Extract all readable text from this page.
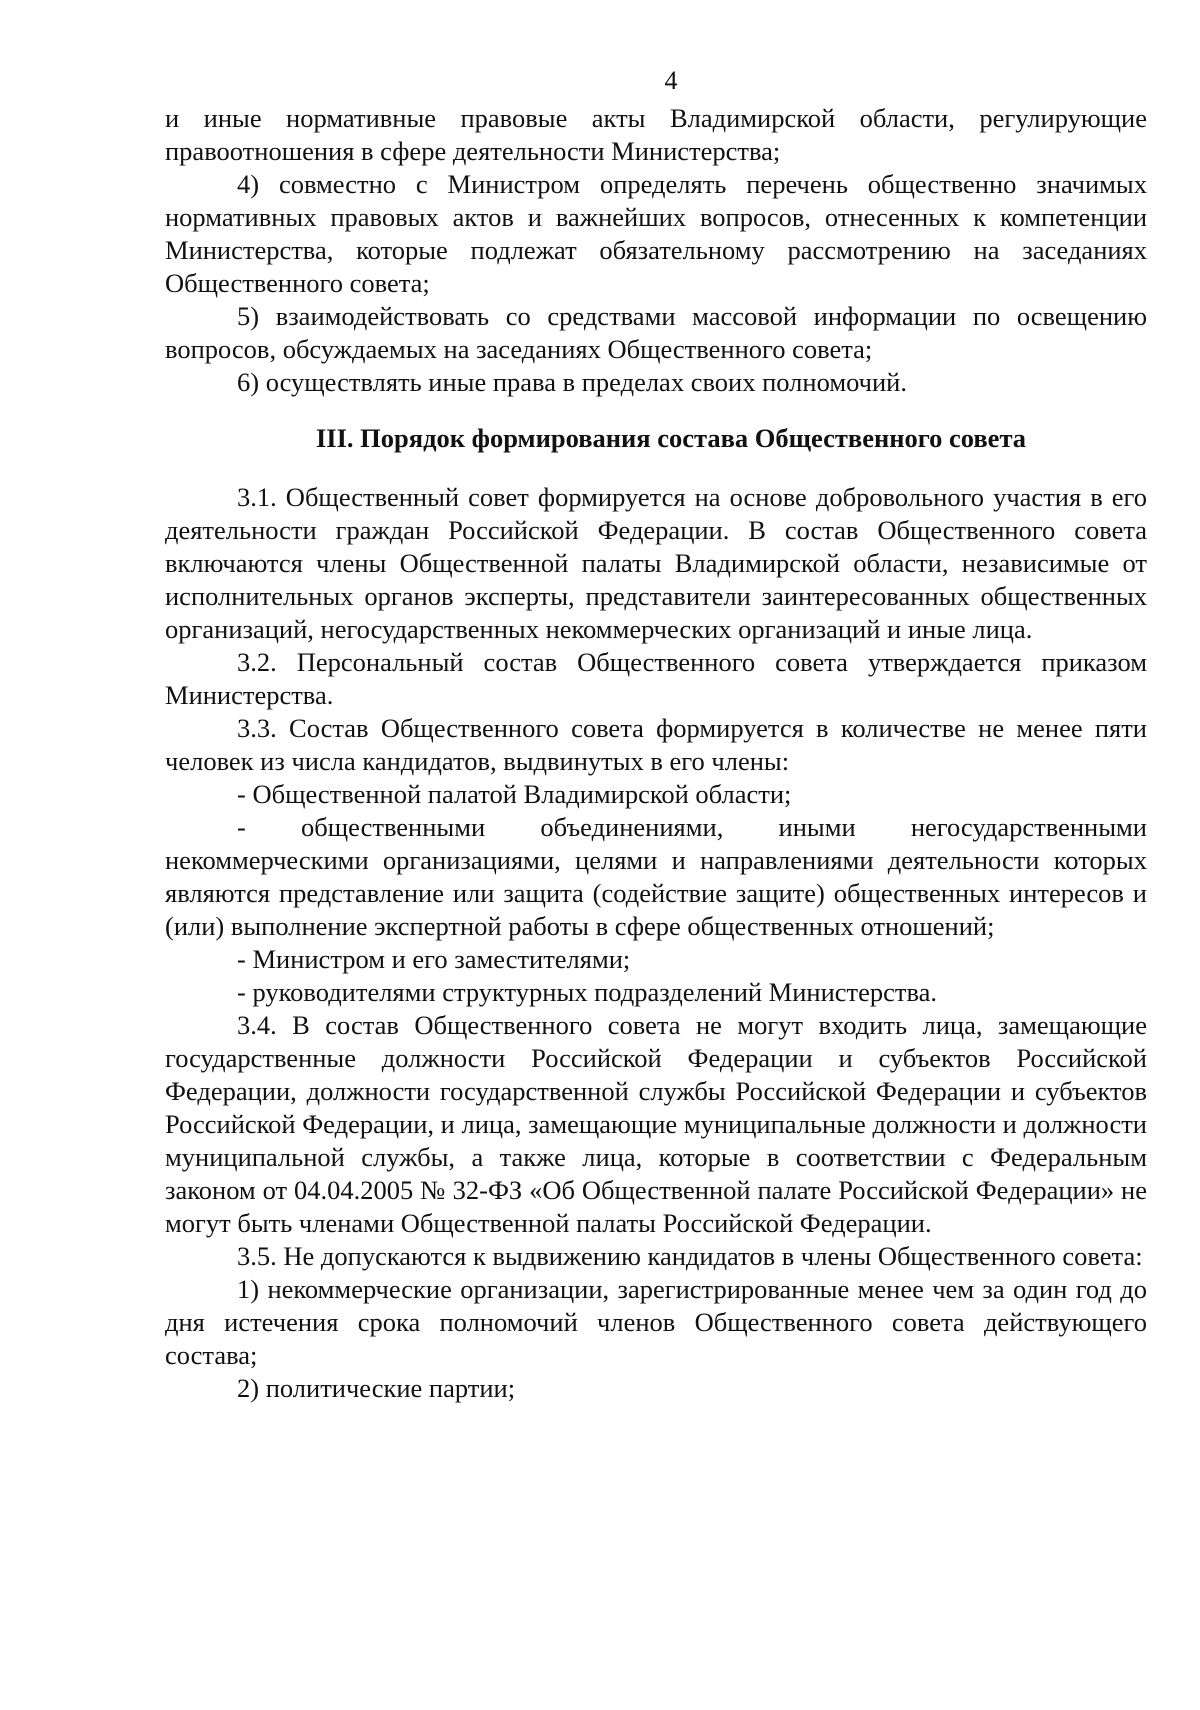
4

и иные нормативные правовые акты Владимирской области, регулирующие правоотношения в сфере деятельности Министерства;

4) совместно с Министром определять перечень общественно значимых нормативных правовых актов и важнейших вопросов, отнесенных к компетенции Министерства, которые подлежат обязательному рассмотрению на заседаниях Общественного совета;

5) взаимодействовать со средствами массовой информации по освещению вопросов, обсуждаемых на заседаниях Общественного совета;

6) осуществлять иные права в пределах своих полномочий.

III. Порядок формирования состава Общественного совета

3.1. Общественный совет формируется на основе добровольного участия в его деятельности граждан Российской Федерации. В состав Общественного совета включаются члены Общественной палаты Владимирской области, независимые от исполнительных органов эксперты, представители заинтересованных общественных организаций, негосударственных некоммерческих организаций и иные лица.

3.2. Персональный состав Общественного совета утверждается приказом Министерства.

3.3. Состав Общественного совета формируется в количестве не менее пяти человек из числа кандидатов, выдвинутых в его члены:

- Общественной палатой Владимирской области;

- общественными объединениями, иными негосударственными некоммерческими организациями, целями и направлениями деятельности которых являются представление или защита (содействие защите) общественных интересов и (или) выполнение экспертной работы в сфере общественных отношений;

- Министром и его заместителями;

- руководителями структурных подразделений Министерства.

3.4. В состав Общественного совета не могут входить лица, замещающие государственные должности Российской Федерации и субъектов Российской Федерации, должности государственной службы Российской Федерации и субъектов Российской Федерации, и лица, замещающие муниципальные должности и должности муниципальной службы, а также лица, которые в соответствии с Федеральным законом от 04.04.2005 № 32-ФЗ «Об Общественной палате Российской Федерации» не могут быть членами Общественной палаты Российской Федерации.

3.5. Не допускаются к выдвижению кандидатов в члены Общественного совета:

1) некоммерческие организации, зарегистрированные менее чем за один год до дня истечения срока полномочий членов Общественного совета действующего состава;

2) политические партии;
